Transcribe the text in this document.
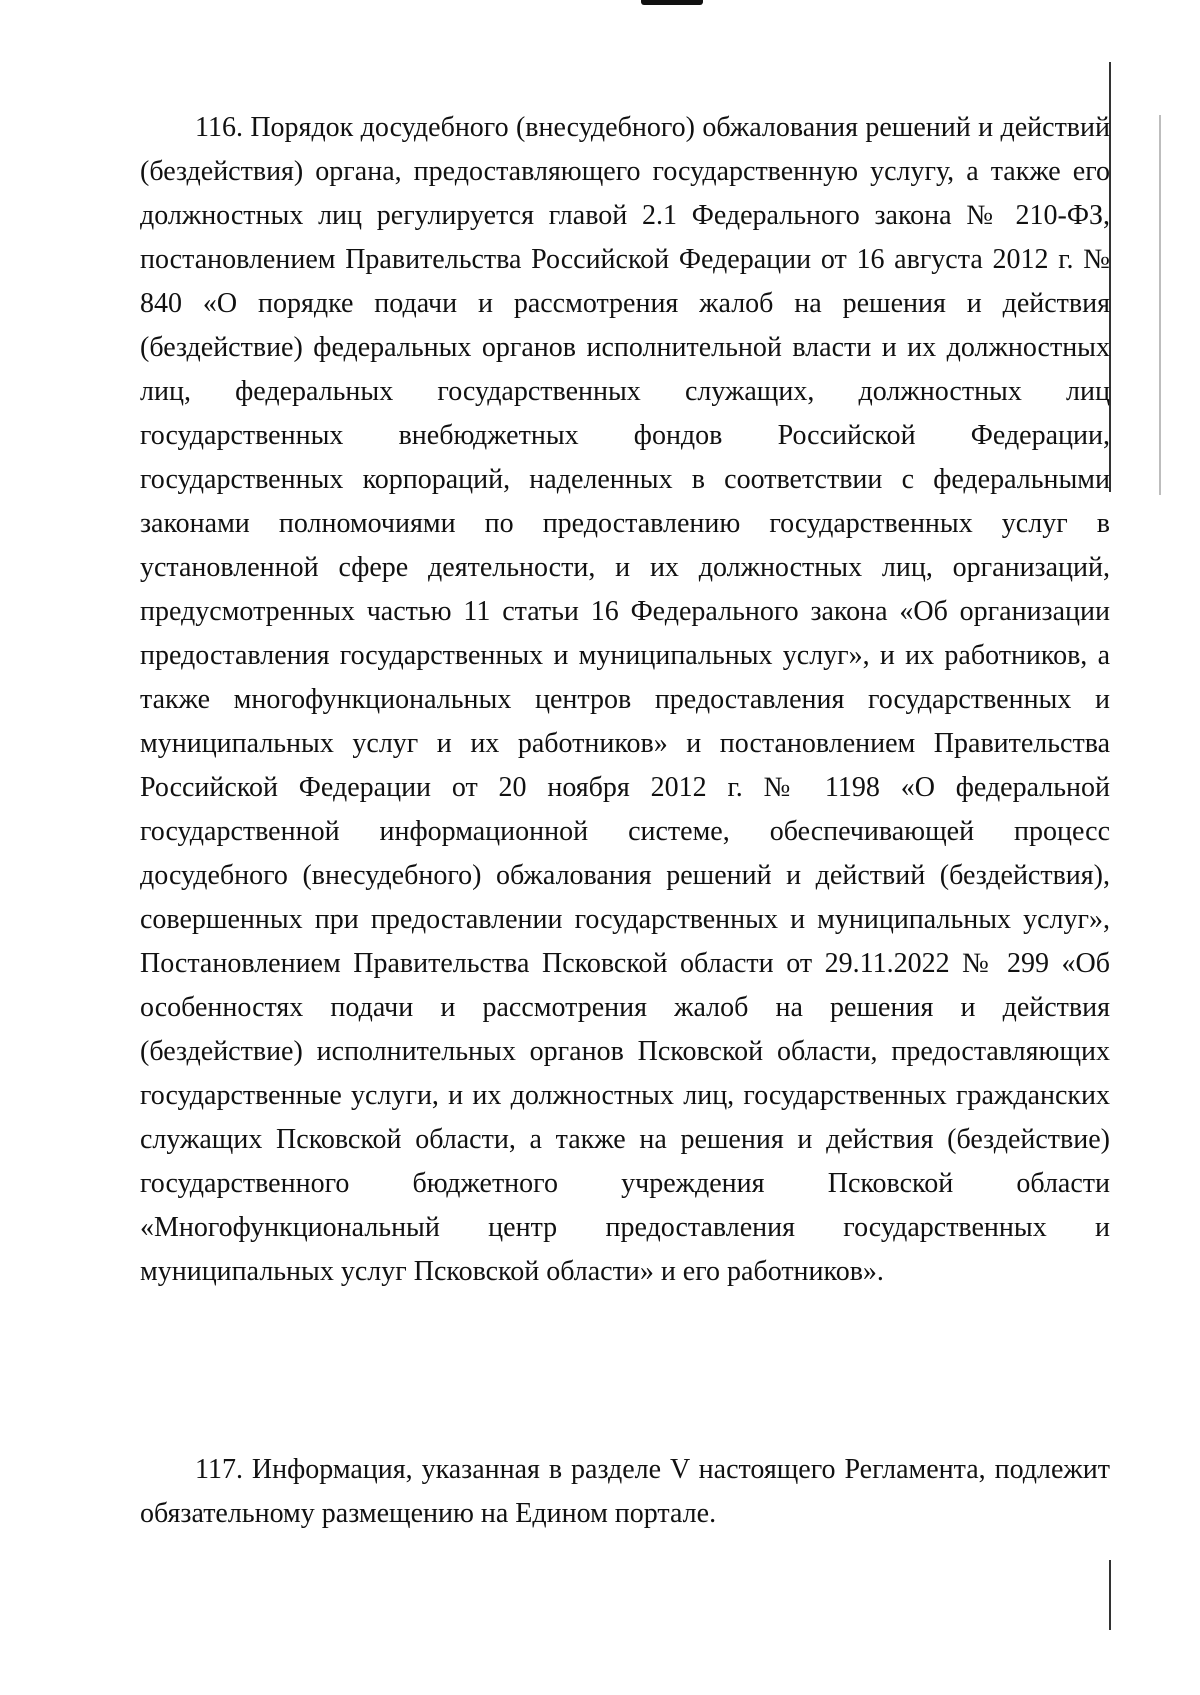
116. Порядок досудебного (внесудебного) обжалования решений и действий (бездействия) органа, предоставляющего государственную услугу, а также его должностных лиц регулируется главой 2.1 Федерального закона № 210-ФЗ, постановлением Правительства Российской Федерации от 16 августа 2012 г. № 840 «О порядке подачи и рассмотрения жалоб на решения и действия (бездействие) федеральных органов исполнительной власти и их должностных лиц, федеральных государственных служащих, должностных лиц государственных внебюджетных фондов Российской Федерации, государственных корпораций, наделенных в соответствии с федеральными законами полномочиями по предоставлению государственных услуг в установленной сфере деятельности, и их должностных лиц, организаций, предусмотренных частью 11 статьи 16 Федерального закона «Об организации предоставления государственных и муниципальных услуг», и их работников, а также многофункциональных центров предоставления государственных и муниципальных услуг и их работников» и постановлением Правительства Российской Федерации от 20 ноября 2012 г. № 1198 «О федеральной государственной информационной системе, обеспечивающей процесс досудебного (внесудебного) обжалования решений и действий (бездействия), совершенных при предоставлении государственных и муниципальных услуг», Постановлением Правительства Псковской области от 29.11.2022 № 299 «Об особенностях подачи и рассмотрения жалоб на решения и действия (бездействие) исполнительных органов Псковской области, предоставляющих государственные услуги, и их должностных лиц, государственных гражданских служащих Псковской области, а также на решения и действия (бездействие) государственного бюджетного учреждения Псковской области «Многофункциональный центр предоставления государственных и муниципальных услуг Псковской области» и его работников».

117. Информация, указанная в разделе V настоящего Регламента, подлежит обязательному размещению на Едином портале.
